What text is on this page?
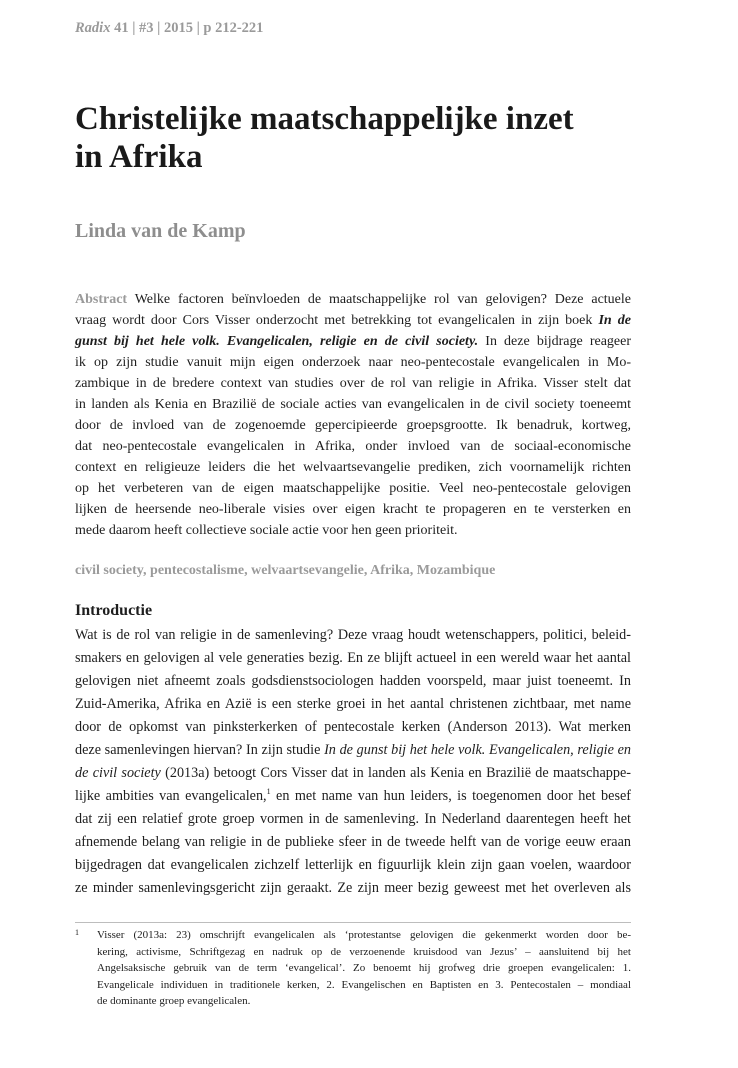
Radix 41 | #3 | 2015 | p 212-221
Christelijke maatschappelijke inzet
in Afrika
Linda van de Kamp
Abstract Welke factoren beïnvloeden de maatschappelijke rol van gelovigen? Deze actuele
vraag wordt door Cors Visser onderzocht met betrekking tot evangelicalen in zijn boek In de
gunst bij het hele volk. Evangelicalen, religie en de civil society. In deze bijdrage reageer
ik op zijn studie vanuit mijn eigen onderzoek naar neo-pentecostale evangelicalen in Mo-
zambique in de bredere context van studies over de rol van religie in Afrika. Visser stelt dat
in landen als Kenia en Brazilië de sociale acties van evangelicalen in de civil society toeneemt
door de invloed van de zogenoemde gepercipieerde groepsgrootte. Ik benadruk, kortweg,
dat neo-pentecostale evangelicalen in Afrika, onder invloed van de sociaal-economische
context en religieuze leiders die het welvaartsevangelie prediken, zich voornamelijk richten
op het verbeteren van de eigen maatschappelijke positie. Veel neo-pentecostale gelovigen
lijken de heersende neo-liberale visies over eigen kracht te propageren en te versterken en
mede daarom heeft collectieve sociale actie voor hen geen prioriteit.
civil society, pentecostalisme, welvaartsevangelie, Afrika, Mozambique
Introductie
Wat is de rol van religie in de samenleving? Deze vraag houdt wetenschappers, politici, beleid-
smakers en gelovigen al vele generaties bezig. En ze blijft actueel in een wereld waar het aantal
gelovigen niet afneemt zoals godsdienstsociologen hadden voorspeld, maar juist toeneemt. In
Zuid-Amerika, Afrika en Azië is een sterke groei in het aantal christenen zichtbaar, met name
door de opkomst van pinksterkerken of pentecostale kerken (Anderson 2013). Wat merken
deze samenlevingen hiervan? In zijn studie In de gunst bij het hele volk. Evangelicalen, religie en
de civil society (2013a) betoogt Cors Visser dat in landen als Kenia en Brazilië de maatschappe-
lijke ambities van evangelicalen,$^1$ en met name van hun leiders, is toegenomen door het besef
dat zij een relatief grote groep vormen in de samenleving. In Nederland daarentegen heeft het
afnemende belang van religie in de publieke sfeer in de tweede helft van de vorige eeuw eraan
bijgedragen dat evangelicalen zichzelf letterlijk en figuurlijk klein zijn gaan voelen, waardoor
ze minder samenlevingsgericht zijn geraakt. Ze zijn meer bezig geweest met het overleven als
1 Visser (2013a: 23) omschrijft evangelicalen als ‘protestantse gelovigen die gekenmerkt worden door be-
kering, activisme, Schriftgezag en nadruk op de verzoenende kruisdood van Jezus’ – aansluitend bij het
Angelsaksische gebruik van de term ‘evangelical’. Zo benoemt hij grofweg drie groepen evangelicalen: 1.
Evangelicale individuen in traditionele kerken, 2. Evangelischen en Baptisten en 3. Pentecostalen – mondiaal
de dominante groep evangelicalen.
